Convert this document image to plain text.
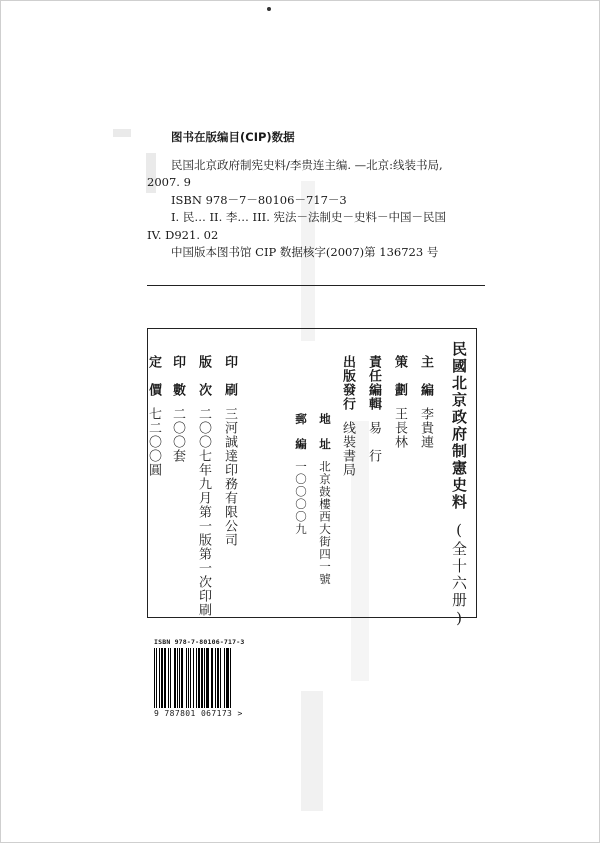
图书在版编目(CIP)数据
民国北京政府制宪史料/李贵连主编. —北京:线装书局,
2007. 9
ISBN 978－7－80106－717－3
I. 民… II. 李… III. 宪法－法制史－史料－中国－民国
IV. D921. 02
中国版本图书馆 CIP 数据核字(2007)第 136723 号
民國北京政府制憲史料(全十六册)
主　編李貴連
策　劃王長林
責任編輯易　行
出版發行线裝書局
地　址北京鼓樓西大街四一號
郵　編一〇〇〇〇九
印　刷三河誠達印務有限公司
版　次二〇〇七年九月第一版第一次印刷
印　數二〇〇套
定　價七二〇〇圓
ISBN 978-7-80106-717-3
9 787801 067173 >
